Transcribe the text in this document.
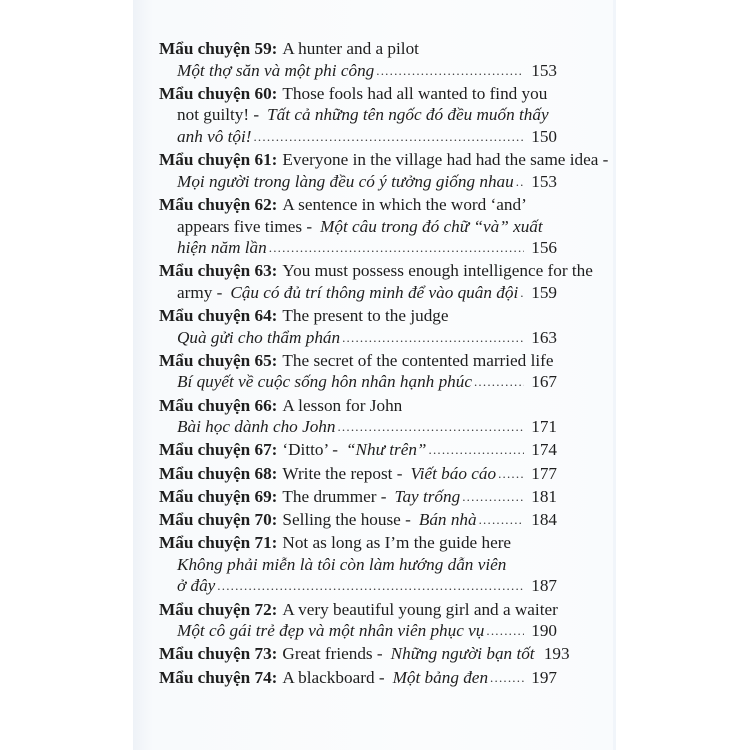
Mẩu chuyện 59: A hunter and a pilot
Một thợ săn và một phi công .....	153
Mẩu chuyện 60: Those fools had all wanted to find you
not guilty! - Tất cả những tên ngốc đó đều muốn thấy
anh vô tội! .....	150
Mẩu chuyện 61: Everyone in the village had had the same idea -
Mọi người trong làng đều có ý tưởng giống nhau ..... 153
Mẩu chuyện 62: A sentence in which the word ‘and’
appears five times - Một câu trong đó chữ “và” xuất
hiện năm lần .....	156
Mẩu chuyện 63: You must possess enough intelligence for the
army - Cậu có đủ trí thông minh để vào quân đội ..... 159
Mẩu chuyện 64: The present to the judge
Quà gửi cho thẩm phán .....	163
Mẩu chuyện 65: The secret of the contented married life
Bí quyết về cuộc sống hôn nhân hạnh phúc .....	167
Mẩu chuyện 66: A lesson for John
Bài học dành cho John .....	171
Mẩu chuyện 67: ‘Ditto’ - “Như trên” .....	174
Mẩu chuyện 68: Write the repost - Viết báo cáo ..... 177
Mẩu chuyện 69: The drummer - Tay trống .....	181
Mẩu chuyện 70: Selling the house - Bán nhà .....	184
Mẩu chuyện 71: Not as long as I’m the guide here
Không phải miễn là tôi còn làm hướng dẫn viên
ở đây .....	187
Mẩu chuyện 72: A very beautiful young girl and a waiter
Một cô gái trẻ đẹp và một nhân viên phục vụ .....	190
Mẩu chuyện 73: Great friends - Những người bạn tốt 193
Mẩu chuyện 74: A blackboard - Một bảng đen .....	197
